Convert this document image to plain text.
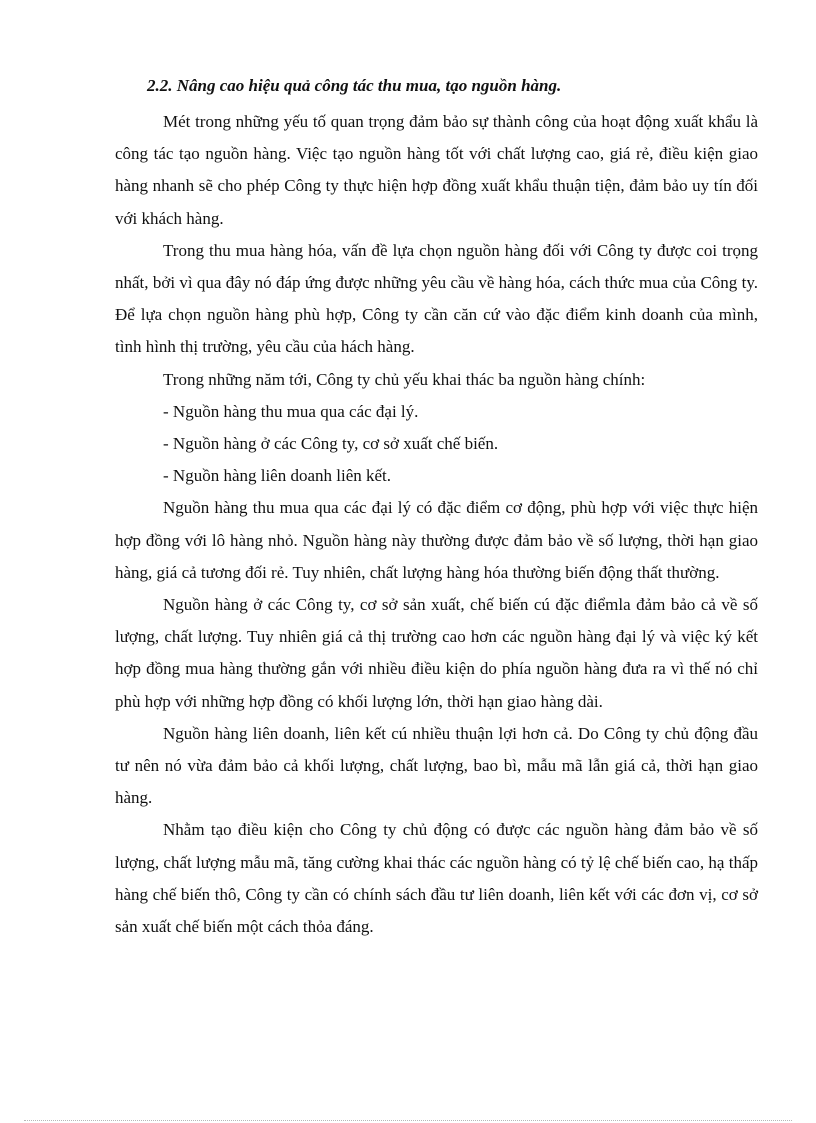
2.2. Nâng cao hiệu quả công tác thu mua, tạo nguồn hàng.

Mét trong những yếu tố quan trọng đảm bảo sự thành công của hoạt động xuất khẩu là công tác tạo nguồn hàng. Việc tạo nguồn hàng tốt với chất lượng cao, giá rẻ, điều kiện giao hàng nhanh sẽ cho phép Công ty thực hiện hợp đồng xuất khẩu thuận tiện, đảm bảo uy tín đối với khách hàng.

Trong thu mua hàng hóa, vấn đề lựa chọn nguồn hàng đối với Công ty được coi trọng nhất, bởi vì qua đây nó đáp ứng được những yêu cầu về hàng hóa, cách thức mua của Công ty. Để lựa chọn nguồn hàng phù hợp, Công ty cần căn cứ vào đặc điểm kinh doanh của mình, tình hình thị trường, yêu cầu của hách hàng.

Trong những năm tới, Công ty chủ yếu khai thác ba nguồn hàng chính:

- Nguồn hàng thu mua qua các đại lý.
- Nguồn hàng ở các Công ty, cơ sở xuất chế biến.
- Nguồn hàng liên doanh liên kết.

Nguồn hàng thu mua qua các đại lý có đặc điểm cơ động, phù hợp với việc thực hiện hợp đồng với lô hàng nhỏ. Nguồn hàng này thường được đảm bảo về số lượng, thời hạn giao hàng, giá cả tương đối rẻ. Tuy nhiên, chất lượng hàng hóa thường biến động thất thường.

Nguồn hàng ở các Công ty, cơ sở sản xuất, chế biến cú đặc điểmla đảm bảo cả về số lượng, chất lượng. Tuy nhiên giá cả thị trường cao hơn các nguồn hàng đại lý và việc ký kết hợp đồng mua hàng thường gắn với nhiều điều kiện do phía nguồn hàng đưa ra vì thế nó chỉ phù hợp với những hợp đồng có khối lượng lớn, thời hạn giao hàng dài.

Nguồn hàng liên doanh, liên kết cú nhiều thuận lợi hơn cả. Do Công ty chủ động đầu tư nên nó vừa đảm bảo cả khối lượng, chất lượng, bao bì, mẫu mã lẫn giá cả, thời hạn giao hàng.

Nhằm tạo điều kiện cho Công ty chủ động có được các nguồn hàng đảm bảo về số lượng, chất lượng mẫu mã, tăng cường khai thác các nguồn hàng có tỷ lệ chế biến cao, hạ thấp hàng chế biến thô, Công ty cần có chính sách đầu tư liên doanh, liên kết với các đơn vị, cơ sở sản xuất chế biến một cách thỏa đáng.
